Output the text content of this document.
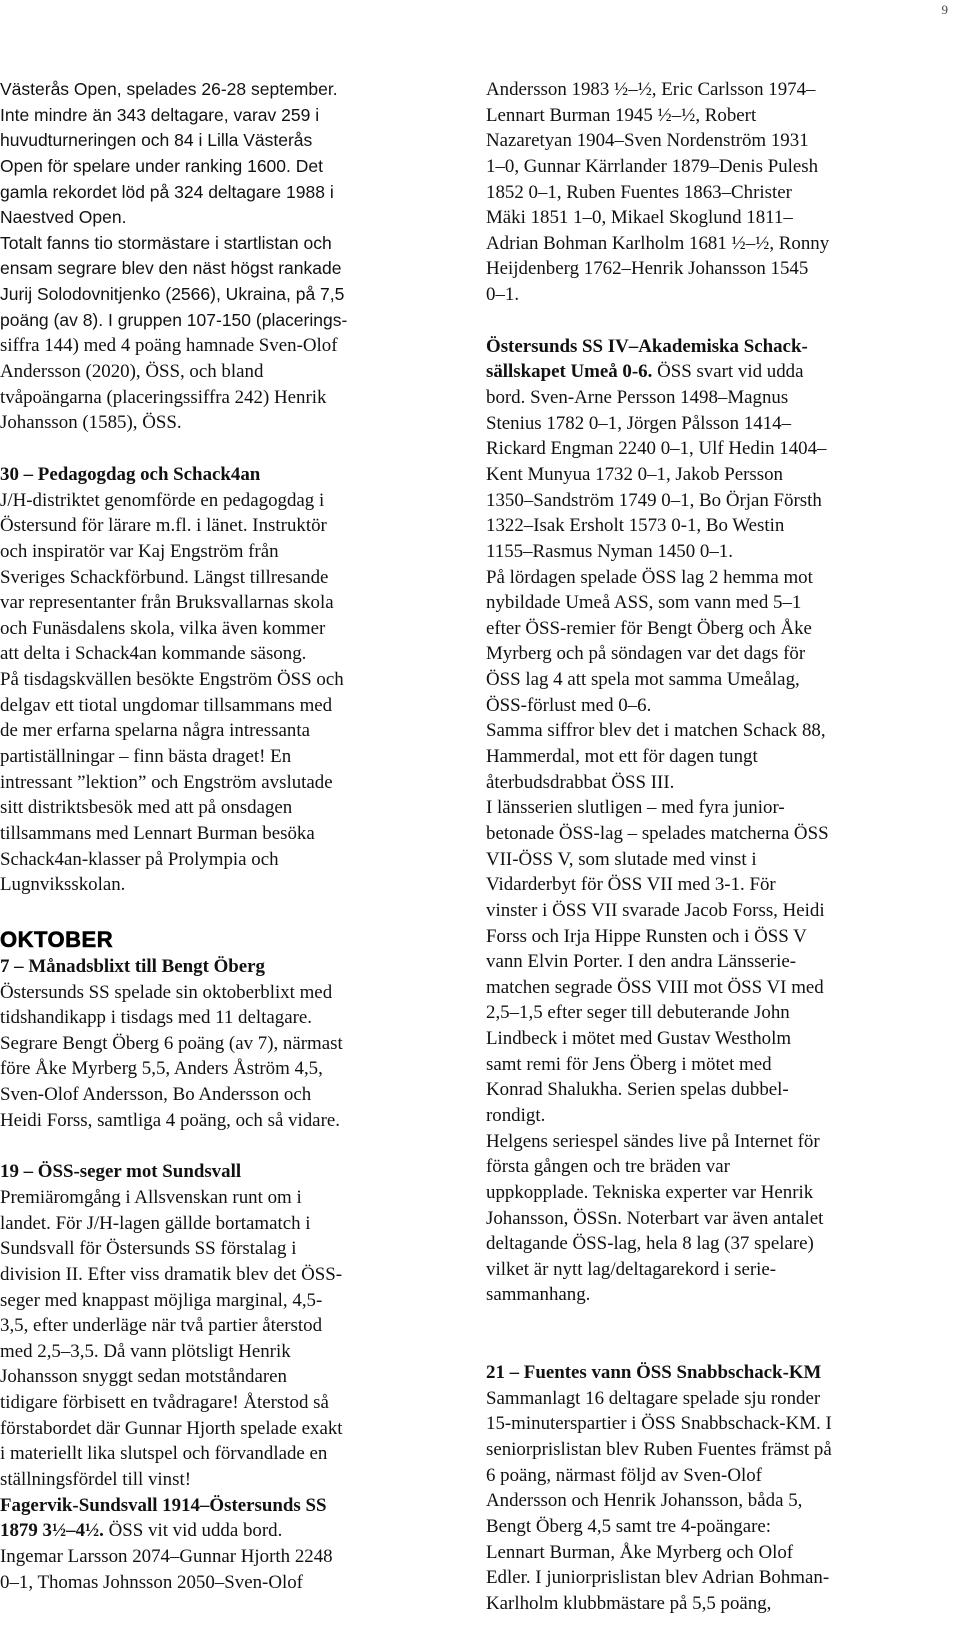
9
Västerås Open, spelades 26-28 september.
Inte mindre än 343 deltagare, varav 259 i
huvudturneringen och 84 i Lilla Västerås
Open för spelare under ranking 1600. Det
gamla rekordet löd på 324 deltagare 1988 i
Naestved Open.
Totalt fanns tio stormästare i startlistan och
ensam segrare blev den näst högst rankade
Jurij Solodovnitjenko (2566), Ukraina, på 7,5
poäng (av 8). I gruppen 107-150 (placerings-
siffra 144) med 4 poäng hamnade Sven-Olof
Andersson (2020), ÖSS, och bland
tvåpoängarna (placeringssiffra 242) Henrik
Johansson (1585), ÖSS.
30 – Pedagogdag och Schack4an
J/H-distriktet genomförde en pedagogdag i
Östersund för lärare m.fl. i länet. Instruktör
och inspiratör var Kaj Engström från
Sveriges Schackförbund. Längst tillresande
var representanter från Bruksvallarnas skola
och Funäsdalens skola, vilka även kommer
att delta i Schack4an kommande säsong.
På tisdagskvällen besökte Engström ÖSS och
delgav ett tiotal ungdomar tillsammans med
de mer erfarna spelarna några intressanta
partiställningar – finn bästa draget! En
intressant ”lektion” och Engström avslutade
sitt distriktsbesök med att på onsdagen
tillsammans med Lennart Burman besöka
Schack4an-klasser på Prolympia och
Lugnviksskolan.
OKTOBER
7 – Månadsblixt till Bengt Öberg
Östersunds SS spelade sin oktoberblixt med
tidshandikapp i tisdags med 11 deltagare.
Segrare Bengt Öberg 6 poäng (av 7), närmast
före Åke Myrberg 5,5, Anders Åström 4,5,
Sven-Olof Andersson, Bo Andersson och
Heidi Forss, samtliga 4 poäng, och så vidare.
19 – ÖSS-seger mot Sundsvall
Premiäromgång i Allsvenskan runt om i
landet. För J/H-lagen gällde bortamatch i
Sundsvall för Östersunds SS förstalag i
division II. Efter viss dramatik blev det ÖSS-
seger med knappast möjliga marginal, 4,5-
3,5, efter underläge när två partier återstod
med 2,5–3,5. Då vann plötsligt Henrik
Johansson snyggt sedan motståndaren
tidigare förbisett en tvådragare! Återstod så
förstabordet där Gunnar Hjorth spelade exakt
i materiellt lika slutspel och förvandlade en
ställningsfördel till vinst!
Fagervik-Sundsvall 1914–Östersunds SS
1879 3½–4½. ÖSS vit vid udda bord.
Ingemar Larsson 2074–Gunnar Hjorth 2248
0–1, Thomas Johnsson 2050–Sven-Olof
Andersson 1983 ½–½, Eric Carlsson 1974–
Lennart Burman 1945 ½–½, Robert
Nazaretyan 1904–Sven Nordenström 1931
1–0, Gunnar Kärrlander 1879–Denis Pulesh
1852 0–1, Ruben Fuentes 1863–Christer
Mäki 1851 1–0, Mikael Skoglund 1811–
Adrian Bohman Karlholm 1681 ½–½, Ronny
Heijdenberg 1762–Henrik Johansson 1545
0–1.
Östersunds SS IV–Akademiska Schack-
sällskapet Umeå 0-6. ÖSS svart vid udda
bord. Sven-Arne Persson 1498–Magnus
Stenius 1782 0–1, Jörgen Pålsson 1414–
Rickard Engman 2240 0–1, Ulf Hedin 1404–
Kent Munyua 1732 0–1, Jakob Persson
1350–Sandström 1749 0–1, Bo Örjan Försth
1322–Isak Ersholt 1573 0-1, Bo Westin
1155–Rasmus Nyman 1450 0–1.
På lördagen spelade ÖSS lag 2 hemma mot
nybildade Umeå ASS, som vann med 5–1
efter ÖSS-remier för Bengt Öberg och Åke
Myrberg och på söndagen var det dags för
ÖSS lag 4 att spela mot samma Umeålag,
ÖSS-förlust med 0–6.
Samma siffror blev det i matchen Schack 88,
Hammerdal, mot ett för dagen tungt
återbudsdrabbat ÖSS III.
I länsserien slutligen – med fyra junior-
betonade ÖSS-lag – spelades matcherna ÖSS
VII-ÖSS V, som slutade med vinst i
Vidarderbyt för ÖSS VII med 3-1. För
vinster i ÖSS VII svarade Jacob Forss, Heidi
Forss och Irja Hippe Runsten och i ÖSS V
vann Elvin Porter. I den andra Länsserie-
matchen segrade ÖSS VIII mot ÖSS VI med
2,5–1,5 efter seger till debuterande John
Lindbeck i mötet med Gustav Westholm
samt remi för Jens Öberg i mötet med
Konrad Shalukha. Serien spelas dubbel-
rondigt.
Helgens seriespel sändes live på Internet för
första gången och tre bräden var
uppkopplade. Tekniska experter var Henrik
Johansson, ÖSSn. Noterbart var även antalet
deltagande ÖSS-lag, hela 8 lag (37 spelare)
vilket är nytt lag/deltagarekord i serie-
sammanhang.
21 – Fuentes vann ÖSS Snabbschack-KM
Sammanlagt 16 deltagare spelade sju ronder
15-minuterspartier i ÖSS Snabbschack-KM. I
seniorprislistan blev Ruben Fuentes främst på
6 poäng, närmast följd av Sven-Olof
Andersson och Henrik Johansson, båda 5,
Bengt Öberg 4,5 samt tre 4-poängare:
Lennart Burman, Åke Myrberg och Olof
Edler. I juniorprislistan blev Adrian Bohman-
Karlholm klubbmästare på 5,5 poäng,
